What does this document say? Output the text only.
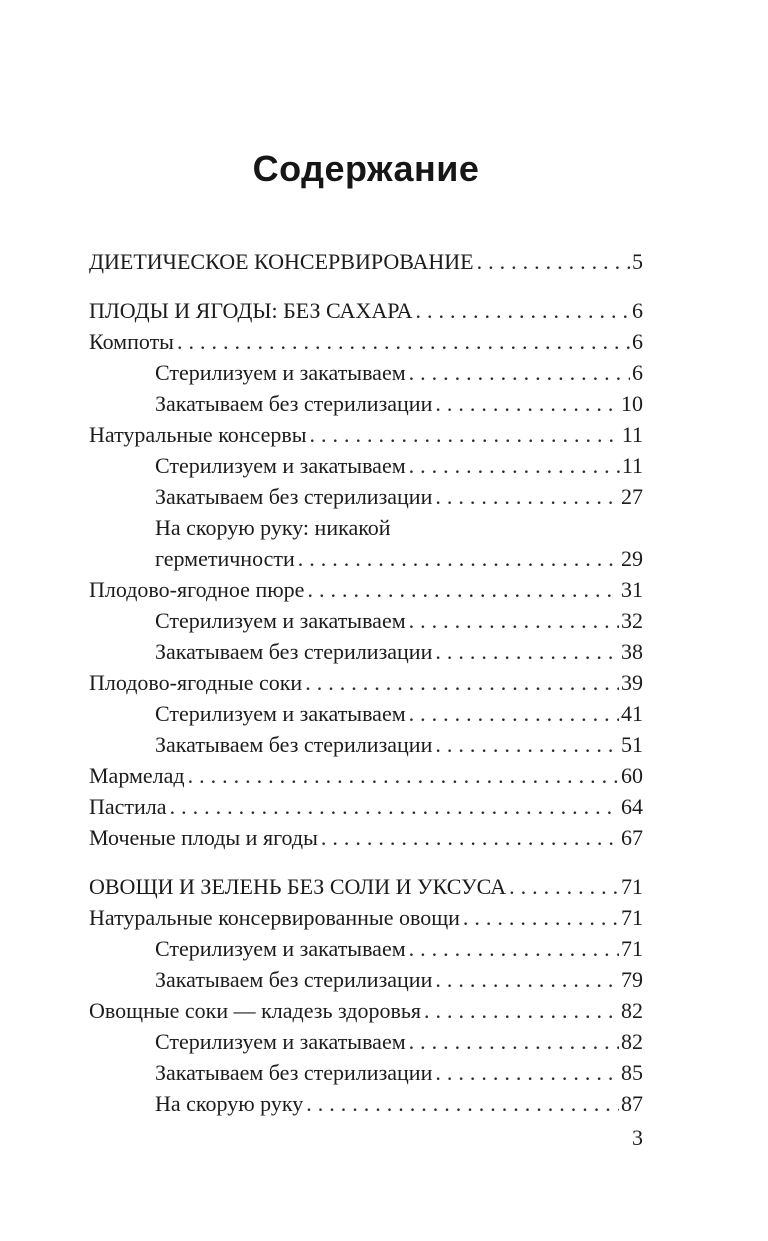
Содержание
ДИЕТИЧЕСКОЕ КОНСЕРВИРОВАНИЕ .....	5
ПЛОДЫ И ЯГОДЫ: БЕЗ САХАРА .....	6
Компоты .....	6
Стерилизуем и закатываем .....	6
Закатываем без стерилизации .....	10
Натуральные консервы .....	11
Стерилизуем и закатываем .....	11
Закатываем без стерилизации .....	27
На скорую руку: никакой
герметичности .....	29
Плодово-ягодное пюре .....	31
Стерилизуем и закатываем .....	32
Закатываем без стерилизации .....	38
Плодово-ягодные соки .....	39
Стерилизуем и закатываем .....	41
Закатываем без стерилизации .....	51
Мармелад .....	60
Пастила .....	64
Моченые плоды и ягоды .....	67
ОВОЩИ И ЗЕЛЕНЬ БЕЗ СОЛИ И УКСУСА .....	71
Натуральные консервированные овощи .....	71
Стерилизуем и закатываем .....	71
Закатываем без стерилизации .....	79
Овощные соки — кладезь здоровья .....	82
Стерилизуем и закатываем .....	82
Закатываем без стерилизации .....	85
На скорую руку .....	87
3
